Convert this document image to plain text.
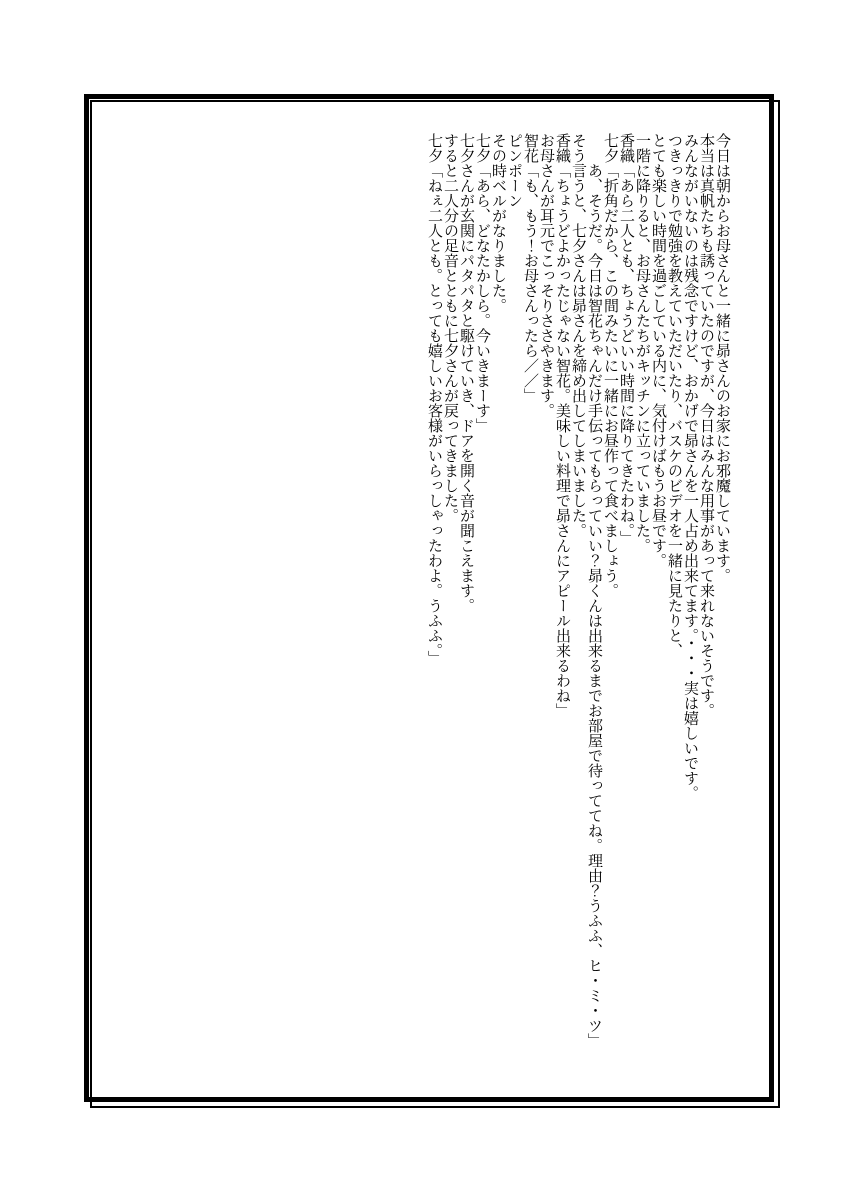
今日は朝からお母さんと一緒に昴さんのお家にお邪魔しています。

本当は真帆たちも誘っていたのですが、今日はみんな用事があって来れないそうです。

みんながいないのは残念ですけど、おかげで昴さんを一人占め出来てます。・・・実は嬉しいです。

つきっきりで勉強を教えていただいたり、バスケのビデオを一緒に見たりと、

とても楽しい時間を過ごしている内に、気付けばもうお昼です。

一階に降りると、お母さんたちがキッチンに立っていました。

香織「あら二人とも、ちょうどいい時間に降りてきたわね。」

七夕「折角だから、この間みたいに一緒にお昼作って食べましょう。

あ、そうだ。今日は智花ちゃんだけ手伝ってもらっていい？昴くんは出来るまでお部屋で待っててね。理由？うふふ、ヒ・ミ・ツ」

そう言うと、七夕さんは昴さんを締め出してしまいました。

香織「ちょうどよかったじゃない智花。美味しい料理で昴さんにアピール出来るわね」

お母さんが耳元でこっそりささやきます。

智花「も、もう！お母さんったら／／」

ピンポーン

その時ベルがなりました。

七夕「あら、どなたかしら。今いきまーす」

七夕さんが玄関にパタパタと駆けていき、ドアを開く音が聞こえます。

すると二人分の足音とともに七夕さんが戻ってきました。

七夕「ねぇ二人とも。とっても嬉しいお客様がいらっしゃったわよ。うふふ。」
